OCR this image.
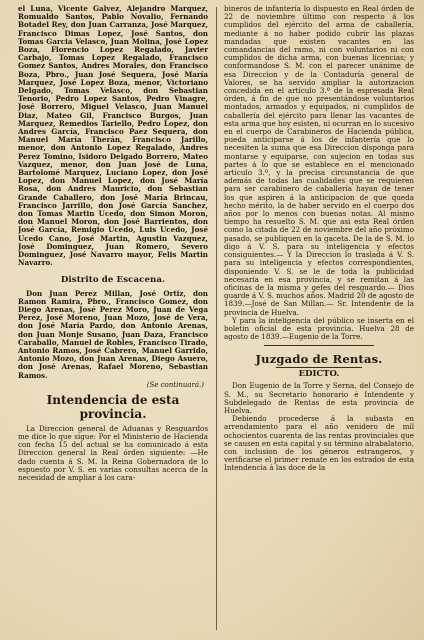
el Luna, Vicente Galvez, Alejandro Marquez, Romualdo Santos, Pablo Novalio, Fernando Botadel Rey, don Juan Carranza, José Marquez, Francisco Dimas Lopez, José Santos, don Tomas Garcia Velasco, Juan Molina, José Lopez Boza, Florencio Lopez Regalado, Javier Carbajo, Tomas Lopez Regalado, Francisco Gomez Santos, Andres Morales, don Francisco Boza, Pbro., Juan José Sequera, José María Marquez, José Lopez Boza, menor, Victoriano Delgado, Tomas Velasco, don Sebastian Tenorio, Pedro Lopez Santos, Pedro Vinagre, José Borrero, Miguel Velasco, Juan Manuel Diaz, Mateo Gil, Francisco Burgos, Juan Marquez, Remedios Tariello, Pedro Lopez, don Andres García, Francisco Paez Sequera, don Manuel María Therán, Francisco Jarillo, menor, don Antonio Lopez Regalado, Andres Perez Tomino, Isidoro Delgado Borrero, Mateo Vazquez, menor, don Juan José de Luna, Bartolomé Marquez, Luciano Lopez, don José Lopez, don Manuel Lopez, don José María Rosa, don Andres Mauricio, don Sebastian Grande Caballero, don José María Brincau, Francisco Jarrillo, don José García Sanchez, don Tomas Martin Ucedo, don Simon Moron, don Manuel Moron, don José Barrientos, don José García, Remigio Ucedo, Luis Ucedo, José Ucedo Cano, José Martin, Agustin Vazquez, José Dominguez, Juan Romero, Severo Dominguez, José Navarro mayor, Felis Martin Navarro.

Distrito de Escacena.

Don Juan Perez Millan, José Ortiz, don Ramon Ramira, Pbro., Francisco Gomez, don Diego Arenas, José Perez Moro, Juan de Vega Perez, José Moreno, Juan Mozo, José de Vera, don José María Pardo, don Antonio Arenas, don Juan Monje Susano, Juan Daza, Francisco Caraballo, Manuel de Robles, Francisco Tirado, Antonio Ramos, José Cabrero, Manuel Garrido, Antonio Mozo, don Juan Arenas, Diego Asuero, don José Arenas, Rafael Moreno, Sebastian Ramos.

(Se continuará.)
Intendencia de esta provincia.

La Direccion general de Aduanas y Resguardos me dice lo que sigue: Por el Ministerio de Hacienda con fecha 15 del actual se ha comunicado á esta Direccion general la Real órden siguiente: —He dado cuenta á S. M. la Reina Gobernadora de lo espuesto por V. S. en varias consultas acerca de la necesidad de ampliar á los cara-

bineros de infantería lo dispuesto en Real órden de 22 de noviembre último con respecto á los cumplidos del ejército del arma de caballería, mediante á no haber podido cubrir las plazas mandadas que existen vacantes en las comandancias del ramo, ni con voluntarios ni con cumplidos de dicha arma, con buenas licencias; y conformandose S. M. con el parecer unánime de esa Direccion y de la Contaduría general de Valores, se ha servido ampliar la autorizacion concedida en el artículo 3.º de la espresada Real órden, á fin de que no presentándose voluntarios montados, armados y equipados, ni cumplidos de caballería del ejército para llenar las vacantes de esta arma que hoy esisten, ni ocurran en lo sucesivo en el cuerpo de Carabineros de Hacienda pública, pueda anticiparse á los de infantería que lo necesiten la suma que esa Direccion disponga para montarse y equiparse, con sujecion en todas sus partes á lo que se establece en el mencionado artículo 3.º, y la precisa circunstancia de que además de todas las cualidades que se requieren para ser carabinero de caballería hayan de tener los que aspiren á la anticipacion de que queda hecho mérito, la de haber servido en el cuerpo dos años por lo menos con buenas notas. Al mismo tiempo ha resuelto S. M. que asi esta Real órden como la citada de 22 de noviembre del año próximo pasado, se publiquen en la gaceta. De la de S. M. lo digo á V. S. para su inteligencia y efectos consiguientes.— Y la Direccion lo traslada á V. S. para su inteligencia y efectos correspondientes, disponiendo V. S. se le de toda la publicidad necesaria en esa provincia, y se remitan á las oficinas de la misma y gefes del resguardo.— Dios guarde á V. S. muchos años. Madrid 20 de agosto de 1839.—José de San Millan.— Sr. Intendente de la provincia de Huelva.

Y para la inteligencia del público se inserta en el boletin oficial de esta provincia. Huelva 28 de agosto de 1839.—Eugenio de la Torre.

Juzgado de Rentas.
EDICTO.

Don Eugenio de la Torre y Serna, del Consejo de S. M., su Secretario honorario é Intendente y Subdelegado de Rentas de esta provincia de Huelva.

Debiendo procederse á la subasta en arrendamiento para el año venidero de mil ochocientos cuarenta de las rentas provinciales que se causen en esta capital y su término alrabalatorio, con inclusion de los géneros estrangeros, y verificarse el primer remate en los estrados de esta Intendencia á las doce de la
